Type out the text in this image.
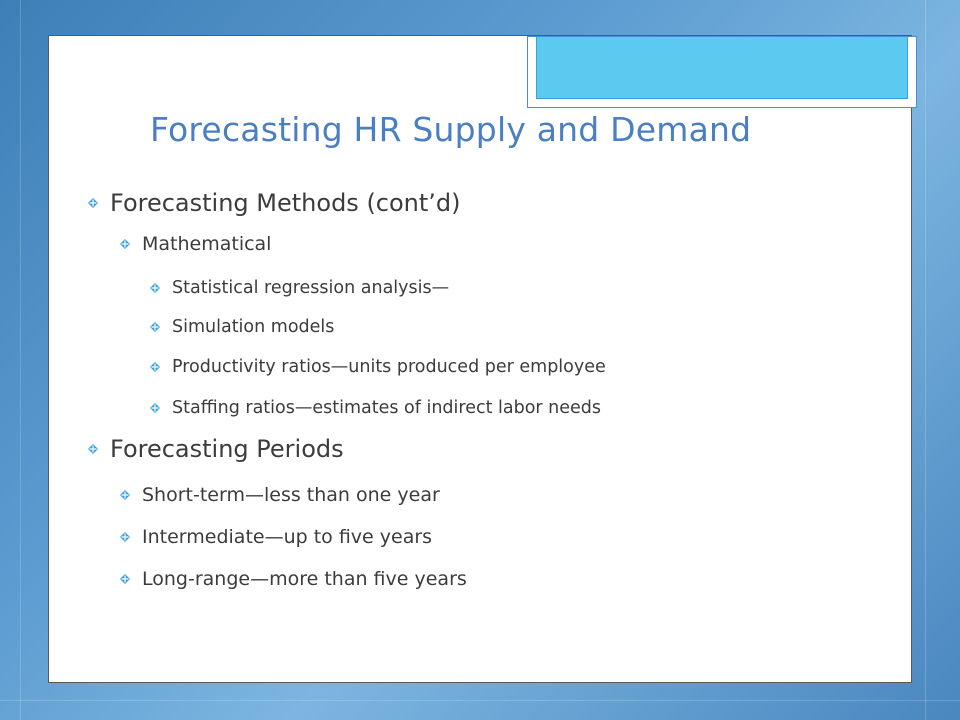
Forecasting HR Supply and Demand
Forecasting Methods (cont’d)
Mathematical
Statistical regression analysis—
Simulation models
Productivity ratios—units produced per employee
Staffing ratios—estimates of indirect labor needs
Forecasting Periods
Short-term—less than one year
Intermediate—up to five years
Long-range—more than five years
